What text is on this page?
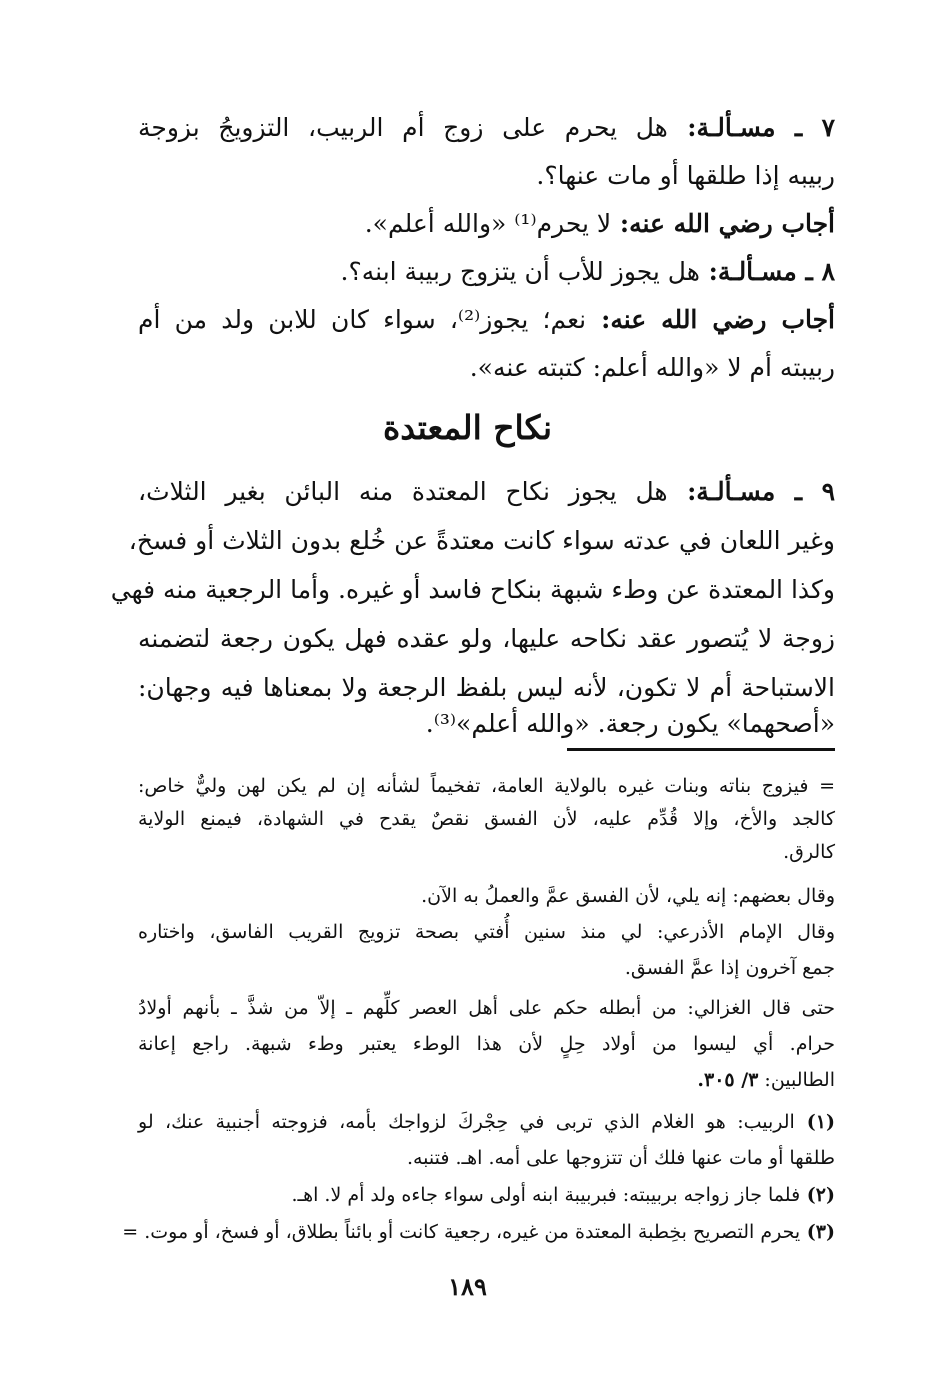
٧ ـ مسـألـة: هل يحرم على زوج أم الربيب، التزويجُ بزوجة
ربيبه إذا طلقها أو مات عنها؟.
أجاب رضي الله عنه: لا يحرم⁽¹⁾ «والله أعلم».
٨ ـ مسـألـة: هل يجوز للأب أن يتزوج ربيبة ابنه؟.
أجاب رضي الله عنه: نعم؛ يجوز⁽²⁾، سواء كان للابن ولد من أم
ربيبته أم لا «والله أعلم: كتبته عنه».
٩ ـ مسـألـة: هل يجوز نكاح المعتدة منه البائن بغير الثلاث،
وغير اللعان في عدته سواء كانت معتدةً عن خُلع بدون الثلاث أو فسخ،
وكذا المعتدة عن وطء شبهة بنكاح فاسد أو غيره. وأما الرجعية منه فهي
زوجة لا يُتصور عقد نكاحه عليها، ولو عقده فهل يكون رجعة لتضمنه
الاستباحة أم لا تكون، لأنه ليس بلفظ الرجعة ولا بمعناها فيه وجهان:
«أصحهما» يكون رجعة. «والله أعلم»⁽³⁾.
نكاح المعتدة
= فيزوج بناته وبنات غيره بالولاية العامة، تفخيماً لشأنه إن لم يكن لهن وليٌّ خاص:
كالجد والأخ، وإلا قُدِّم عليه، لأن الفسق نقصٌ يقدح في الشهادة، فيمنع الولاية
كالرق.
وقال بعضهم: إنه يلي، لأن الفسق عمَّ والعملُ به الآن.
وقال الإمام الأذرعي: لي منذ سنين أُفتي بصحة تزويج القريب الفاسق، واختاره
جمع آخرون إذا عمَّ الفسق.
حتى قال الغزالي: من أبطله حكم على أهل العصر كلِّهم ـ إلاّ من شذَّ ـ بأنهم أولادُ
حرام. أي ليسوا من أولاد حِلٍ لأن هذا الوطء يعتبر وطء شبهة. راجع إعانة
الطالبين: ٣/ ٣٠٥.
(١) الربيب: هو الغلام الذي تربى في حِجْركَ لزواجك بأمه، فزوجته أجنبية عنك، لو
طلقها أو مات عنها فلك أن تتزوجها على أمه. اهـ. فتنبه.
(٢) فلما جاز زواجه بربيبته: فبربيبة ابنه أولى سواء جاءه ولد أم لا. اهـ.
(٣) يحرم التصريح بخِطبة المعتدة من غيره، رجعية كانت أو بائناً بطلاق، أو فسخ، أو موت. =
١٨٩
